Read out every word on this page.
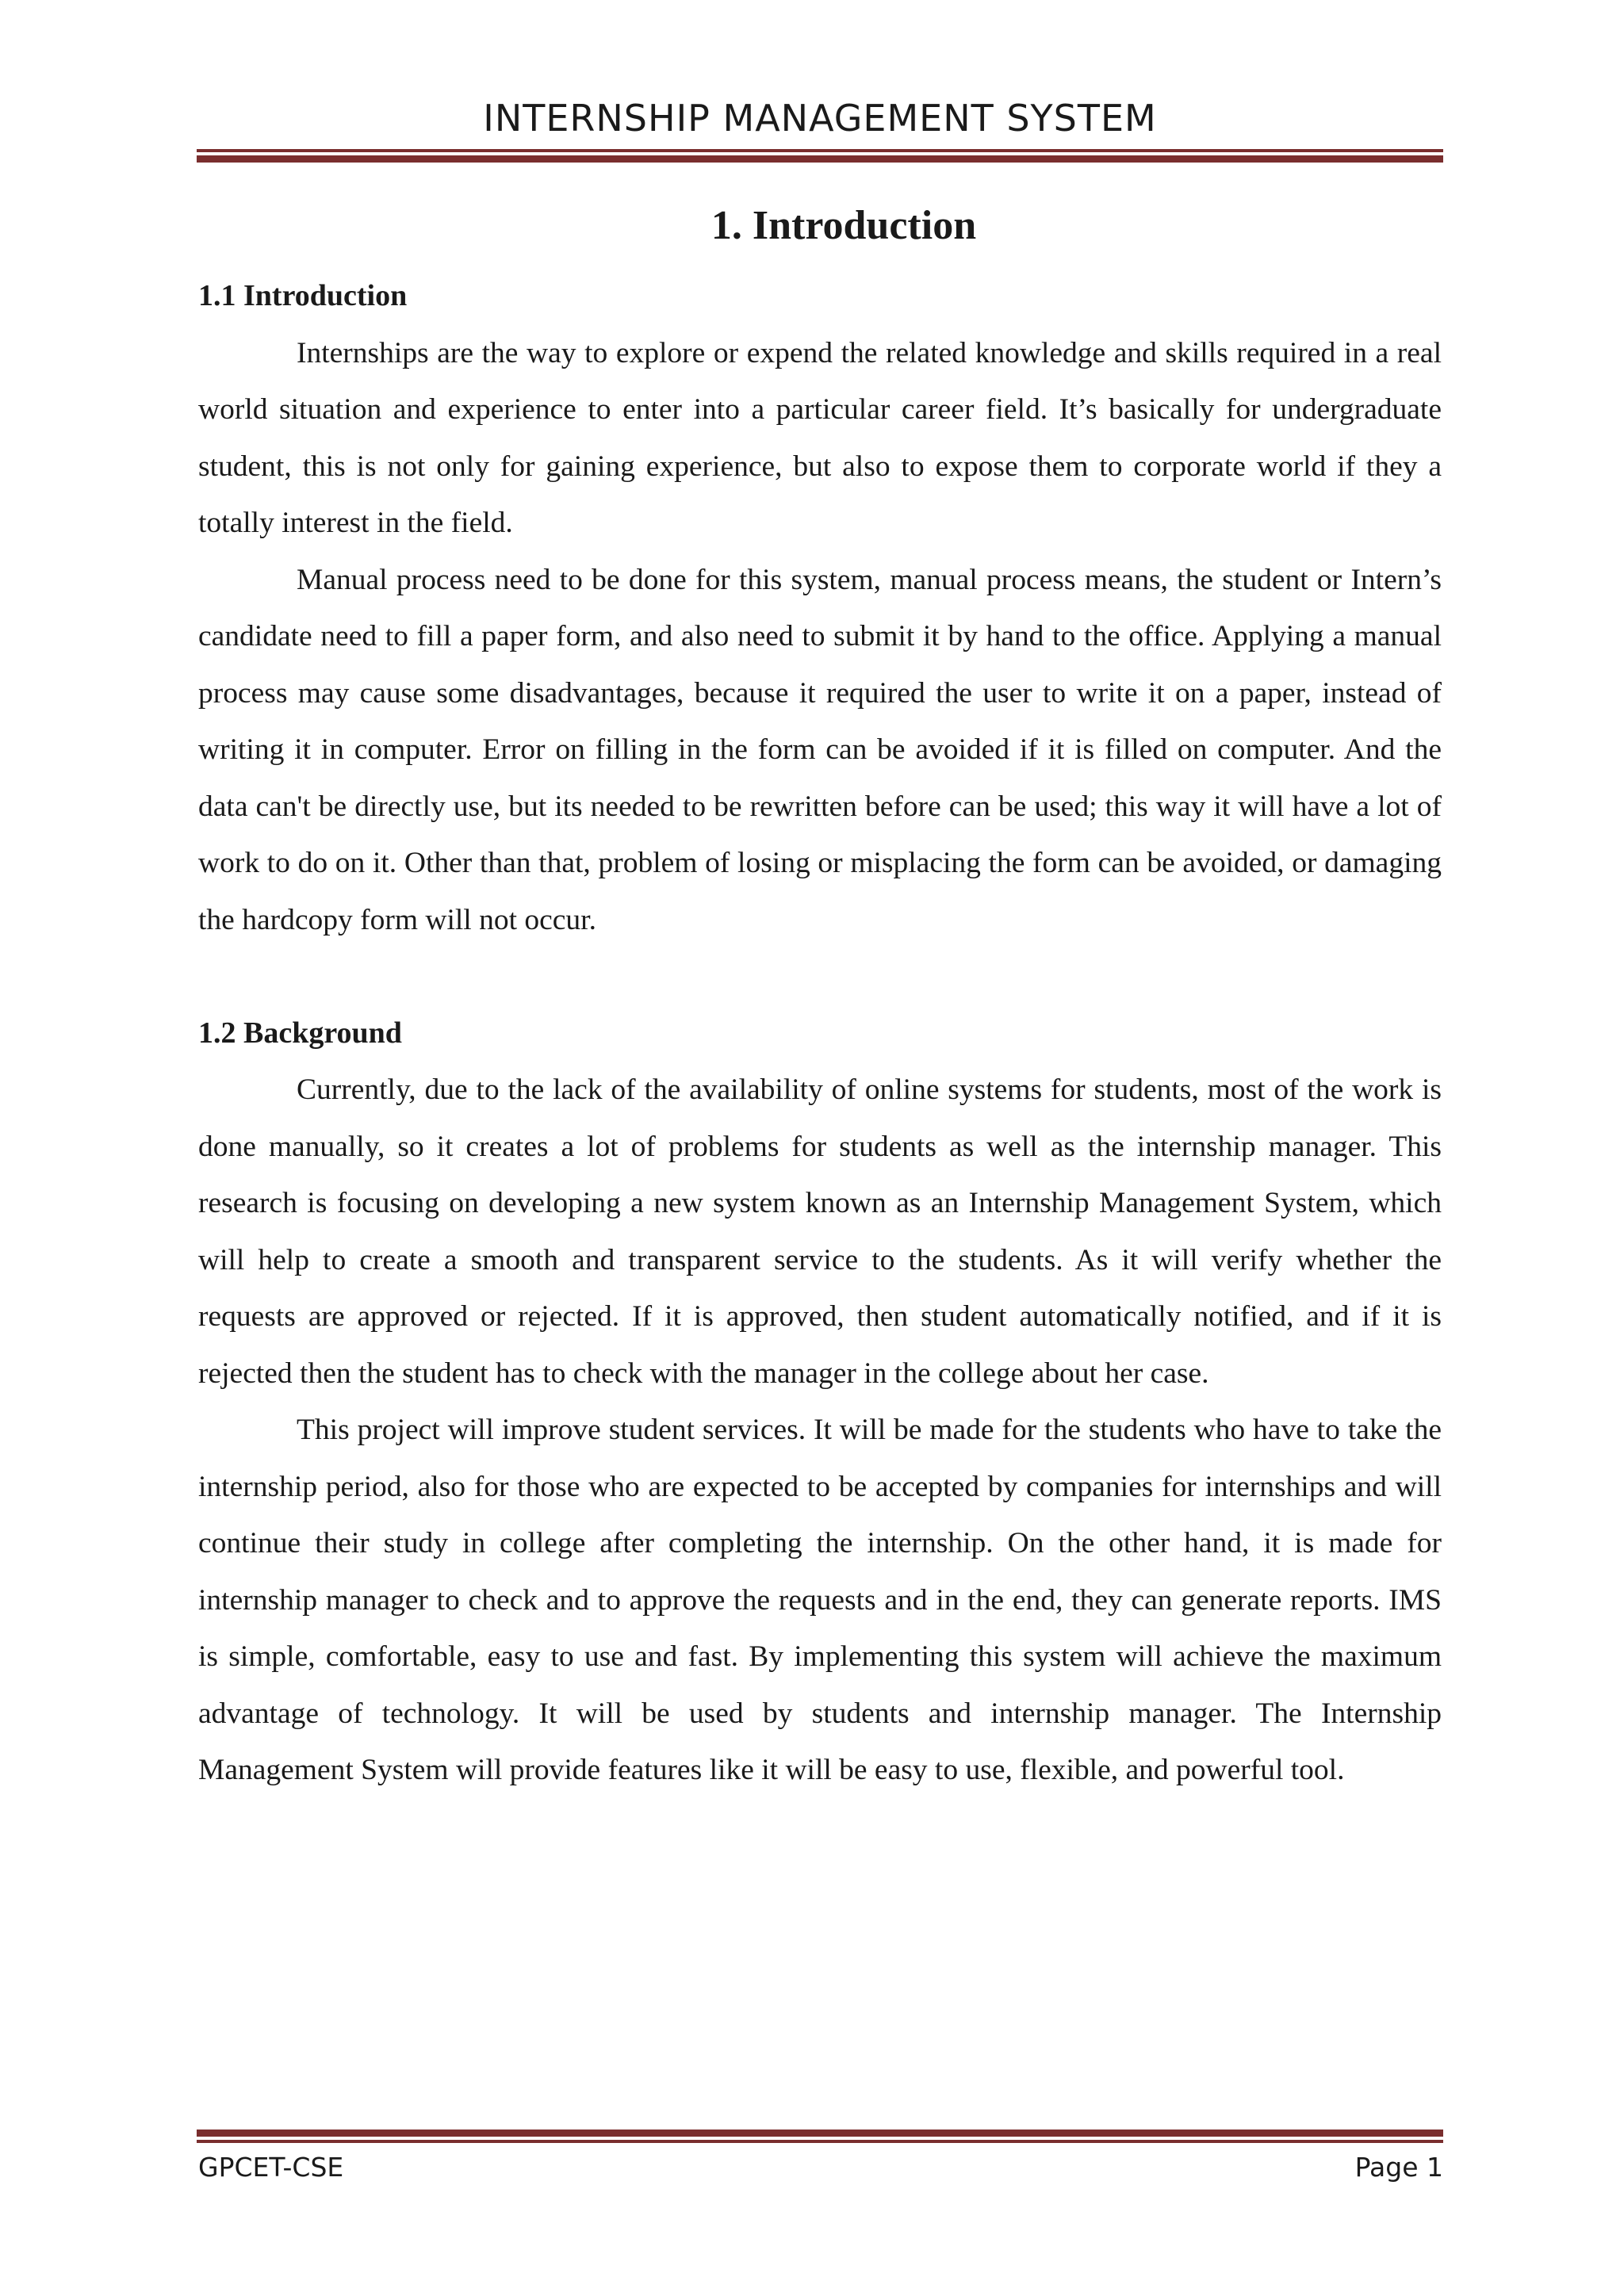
INTERNSHIP MANAGEMENT SYSTEM
1. Introduction
1.1 Introduction

Internships are the way to explore or expend the related knowledge and skills required in a real world situation and experience to enter into a particular career field. It’s basically for undergraduate student, this is not only for gaining experience, but also to expose them to corporate world if they a totally interest in the field.

Manual process need to be done for this system, manual process means, the student or Intern’s candidate need to fill a paper form, and also need to submit it by hand to the office. Applying a manual process may cause some disadvantages, because it required the user to write it on a paper, instead of writing it in computer. Error on filling in the form can be avoided if it is filled on computer. And the data can't be directly use, but its needed to be rewritten before can be used; this way it will have a lot of work to do on it. Other than that, problem of losing or misplacing the form can be avoided, or damaging the hardcopy form will not occur.

1.2 Background

Currently, due to the lack of the availability of online systems for students, most of the work is done manually, so it creates a lot of problems for students as well as the internship manager. This research is focusing on developing a new system known as an Internship Management System, which will help to create a smooth and transparent service to the students. As it will verify whether the requests are approved or rejected. If it is approved, then student automatically notified, and if it is rejected then the student has to check with the manager in the college about her case.

This project will improve student services. It will be made for the students who have to take the internship period, also for those who are expected to be accepted by companies for internships and will continue their study in college after completing the internship. On the other hand, it is made for internship manager to check and to approve the requests and in the end, they can generate reports. IMS is simple, comfortable, easy to use and fast. By implementing this system will achieve the maximum advantage of technology. It will be used by students and internship manager. The Internship Management System will provide features like it will be easy to use, flexible, and powerful tool.

GPCET-CSE	Page 1
